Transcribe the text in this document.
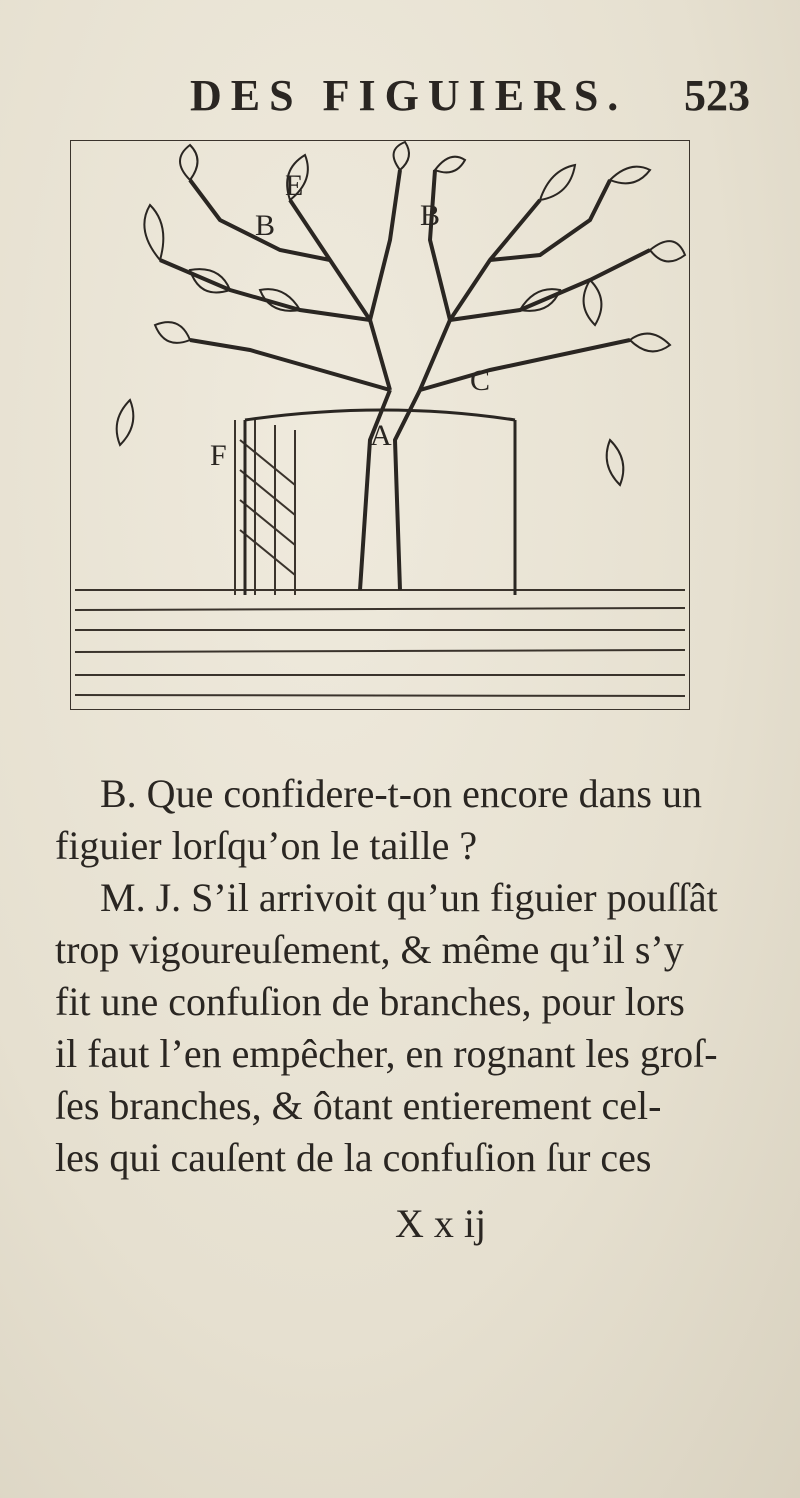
DES FIGUIERS. 523
E
B	B
C
F
A
B. Que confidere-t-on encore dans un
figuier lorſqu’on le taille ?
M. J. S’il arrivoit qu’un figuier pouſſât
trop vigoureuſement, & même qu’il s’y
fit une confuſion de branches, pour lors
il faut l’en empêcher, en rognant les groſ-
ſes branches, & ôtant entierement cel-
les qui cauſent de la confuſion ſur ces
X x ij
